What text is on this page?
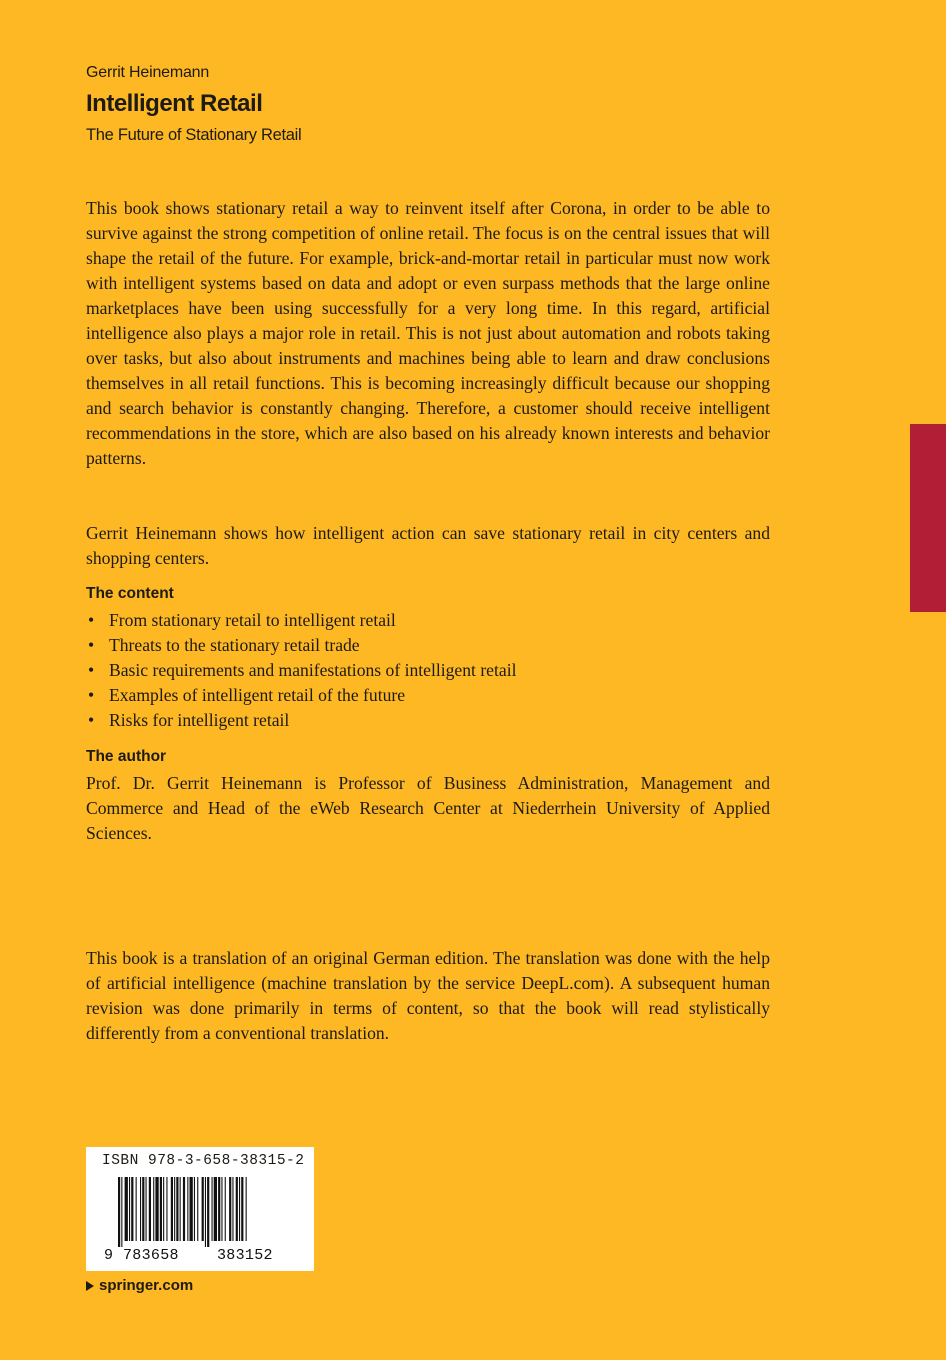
Gerrit Heinemann
Intelligent Retail
The Future of Stationary Retail
This book shows stationary retail a way to reinvent itself after Corona, in order to be able to survive against the strong competition of online retail. The focus is on the central issues that will shape the retail of the future. For example, brick-and-mortar retail in particular must now work with intelligent systems based on data and adopt or even surpass methods that the large online marketplaces have been using successfully for a very long time. In this regard, artificial intelligence also plays a major role in retail. This is not just about automation and robots taking over tasks, but also about instruments and machines being able to learn and draw conclusions themselves in all retail functions. This is becoming increasingly difficult because our shopping and search behavior is constantly changing. Therefore, a customer should receive intelligent recommendations in the store, which are also based on his already known interests and behavior patterns.
Gerrit Heinemann shows how intelligent action can save stationary retail in city centers and shopping centers.
The content
• From stationary retail to intelligent retail
• Threats to the stationary retail trade
• Basic requirements and manifestations of intelligent retail
• Examples of intelligent retail of the future
• Risks for intelligent retail
The author
Prof. Dr. Gerrit Heinemann is Professor of Business Administration, Management and Commerce and Head of the eWeb Research Center at Niederrhein University of Applied Sciences.
This book is a translation of an original German edition. The translation was done with the help of artificial intelligence (machine translation by the service DeepL.com). A subsequent human revision was done primarily in terms of content, so that the book will read stylistically differently from a conventional translation.
9 783658	383152
ISBN 978-3-658-38315-2
springer.com
